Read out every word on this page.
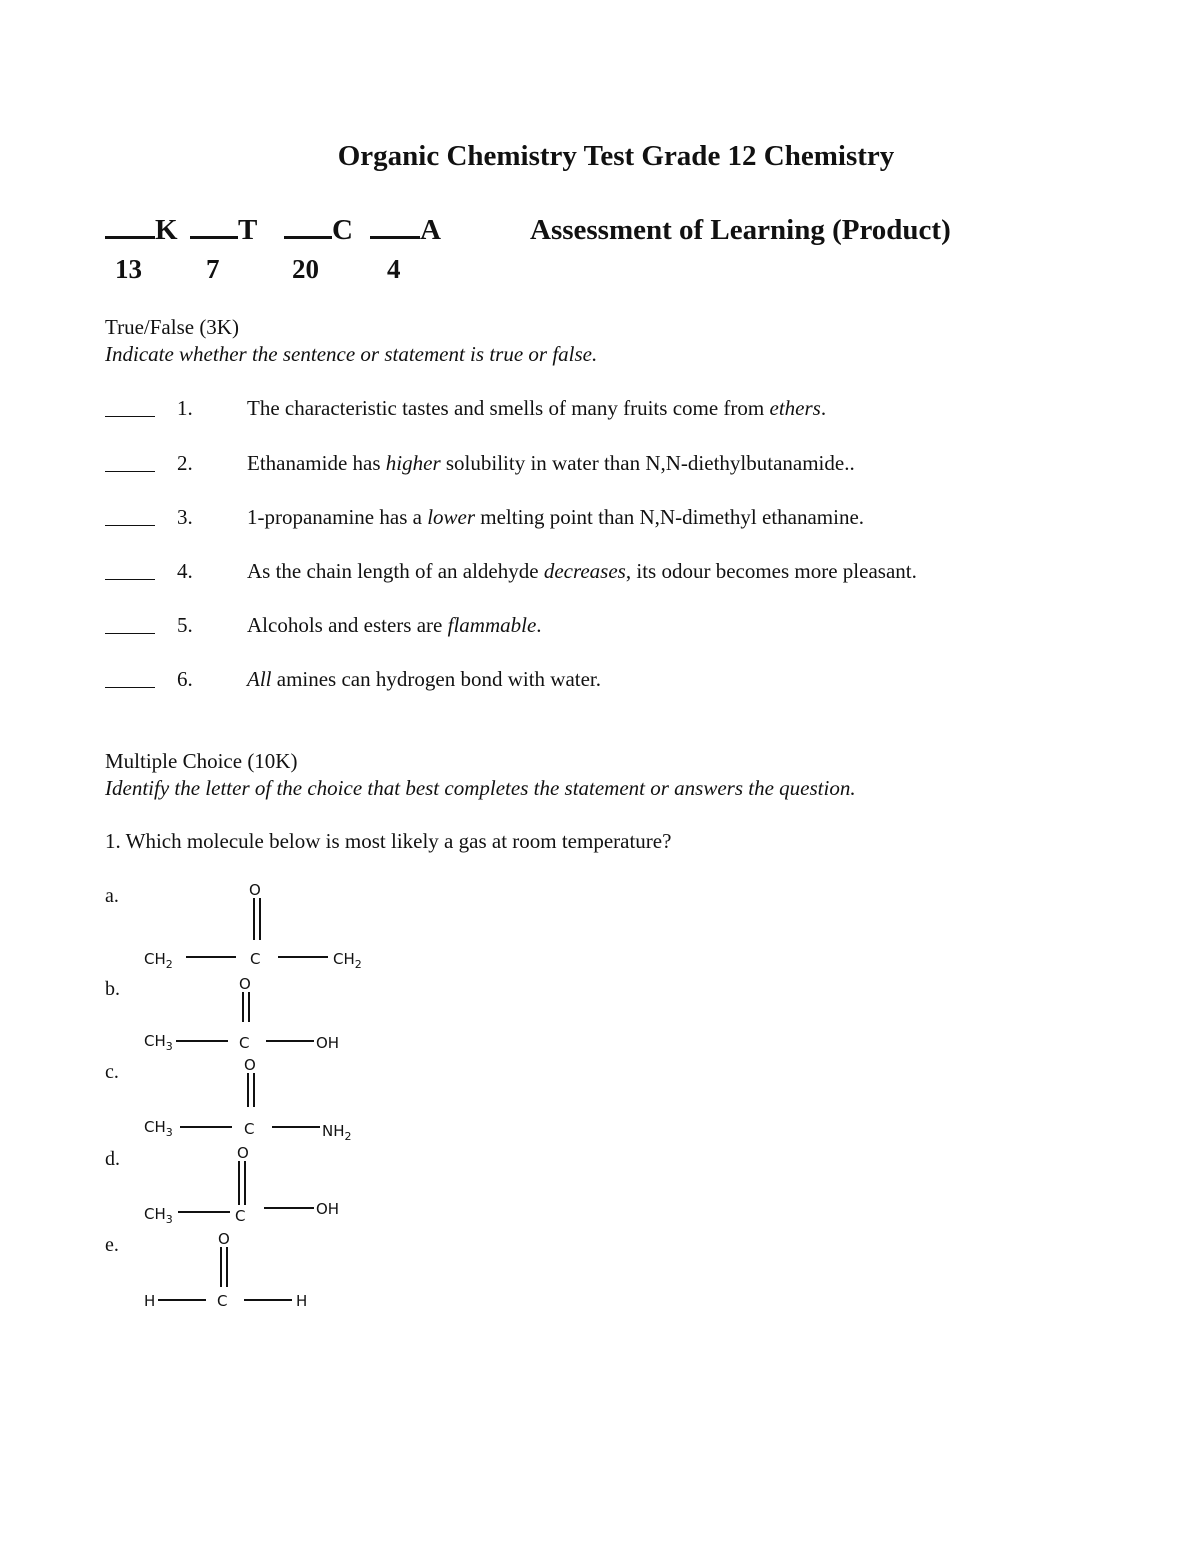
Organic Chemistry Test Grade 12 Chemistry
K	T	C	A	Assessment of Learning (Product)
13 7	20	4
True/False (3K)
Indicate whether the sentence or statement is true or false.
1.	The characteristic tastes and smells of many fruits come from ethers.
2.	Ethanamide has higher solubility in water than N,N-diethylbutanamide..
3.	1-propanamine has a lower melting point than N,N-dimethyl ethanamine.
4.	As the chain length of an aldehyde decreases, its odour becomes more pleasant.
5.	Alcohols and esters are flammable.
6.	All amines can hydrogen bond with water.
Multiple Choice (10K)
Identify the letter of the choice that best completes the statement or answers the question.
1. Which molecule below is most likely a gas at room temperature?
a.	O
$CH_2$	C	$CH_2$
b.	O
$CH_3$	C	OH
c.	O
$CH_3$	C	$NH_2$
d.	O
$CH_3$	C	OH
e.	O
H	C	H
